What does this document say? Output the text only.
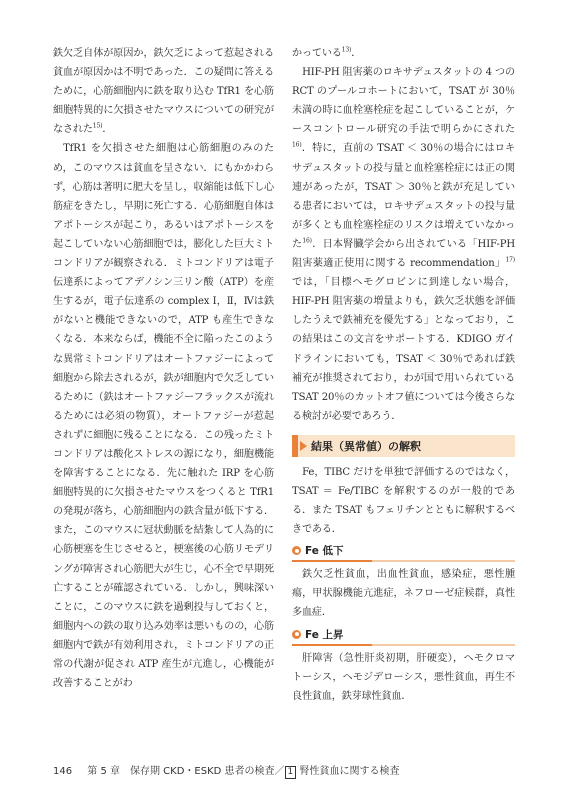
鉄欠乏自体が原因か，鉄欠乏によって惹起される貧血が原因かは不明であった．この疑問に答えるために，心筋細胞内に鉄を取り込む TfR1 を心筋細胞特異的に欠損させたマウスについての研究がなされた$^{15)}$．

TfR1 を欠損させた細胞は心筋細胞のみのため，このマウスは貧血を呈さない．にもかかわらず，心筋は著明に肥大を呈し，収縮能は低下し心筋症をきたし，早期に死亡する．心筋細胞自体はアポトーシスが起こり，あるいはアポトーシスを起こしていない心筋細胞では，膨化した巨大ミトコンドリアが観察される．ミトコンドリアは電子伝達系によってアデノシン三リン酸（ATP）を産生するが，電子伝達系の complex Ⅰ，Ⅱ，Ⅳは鉄がないと機能できないので，ATP も産生できなくなる．本来ならば，機能不全に陥ったこのような異常ミトコンドリアはオートファジーによって細胞から除去されるが，鉄が細胞内で欠乏しているために（鉄はオートファジーフラックスが流れるためには必須の物質），オートファジーが惹起されずに細胞に残ることになる．この残ったミトコンドリアは酸化ストレスの源になり，細胞機能を障害することになる．先に触れた IRP を心筋細胞特異的に欠損させたマウスをつくると TfR1 の発現が落ち，心筋細胞内の鉄含量が低下する．また，このマウスに冠状動脈を結紮して人為的に心筋梗塞を生じさせると，梗塞後の心筋リモデリングが障害され心筋肥大が生じ，心不全で早期死亡することが確認されている．しかし，興味深いことに，このマウスに鉄を過剰投与しておくと，細胞内への鉄の取り込み効率は悪いものの，心筋細胞内で鉄が有効利用され，ミトコンドリアの正常の代謝が促され ATP 産生が亢進し，心機能が改善することがわ

かっている$^{13)}$．

HIF-PH 阻害薬のロキサデュスタットの 4 つの RCT のプールコホートにおいて，TSAT が 30％未満の時に血栓塞栓症を起こしていることが，ケースコントロール研究の手法で明らかにされた$^{16)}$．特に，直前の TSAT ＜ 30％の場合にはロキサデュスタットの投与量と血栓塞栓症には正の関連があったが，TSAT ＞ 30％と鉄が充足している患者においては，ロキサデュスタットの投与量が多くとも血栓塞栓症のリスクは増えていなかった$^{16)}$．日本腎臓学会から出されている「HIF-PH 阻害薬適正使用に関する recommendation」$^{17)}$では，「目標ヘモグロビンに到達しない場合，HIF-PH 阻害薬の増量よりも，鉄欠乏状態を評価したうえで鉄補充を優先する」となっており，この結果はこの文言をサポートする．KDIGO ガイドラインにおいても，TSAT ＜ 30％であれば鉄補充が推奨されており，わが国で用いられている TSAT 20％のカットオフ値については今後さらなる検討が必要であろう．

結果（異常値）の解釈

Fe，TIBC だけを単独で評価するのではなく，TSAT ＝ Fe/TIBC を解釈するのが一般的である．また TSAT もフェリチンとともに解釈するべきである．

Fe 低下

鉄欠乏性貧血，出血性貧血，感染症，悪性腫瘍，甲状腺機能亢進症，ネフローゼ症候群，真性多血症．

Fe 上昇

肝障害（急性肝炎初期，肝硬変），ヘモクロマトーシス，ヘモジデローシス，悪性貧血，再生不良性貧血，鉄芽球性貧血．

146 第 5 章　保存期 CKD・ESKD 患者の検査／ 1 腎性貧血に関する検査
